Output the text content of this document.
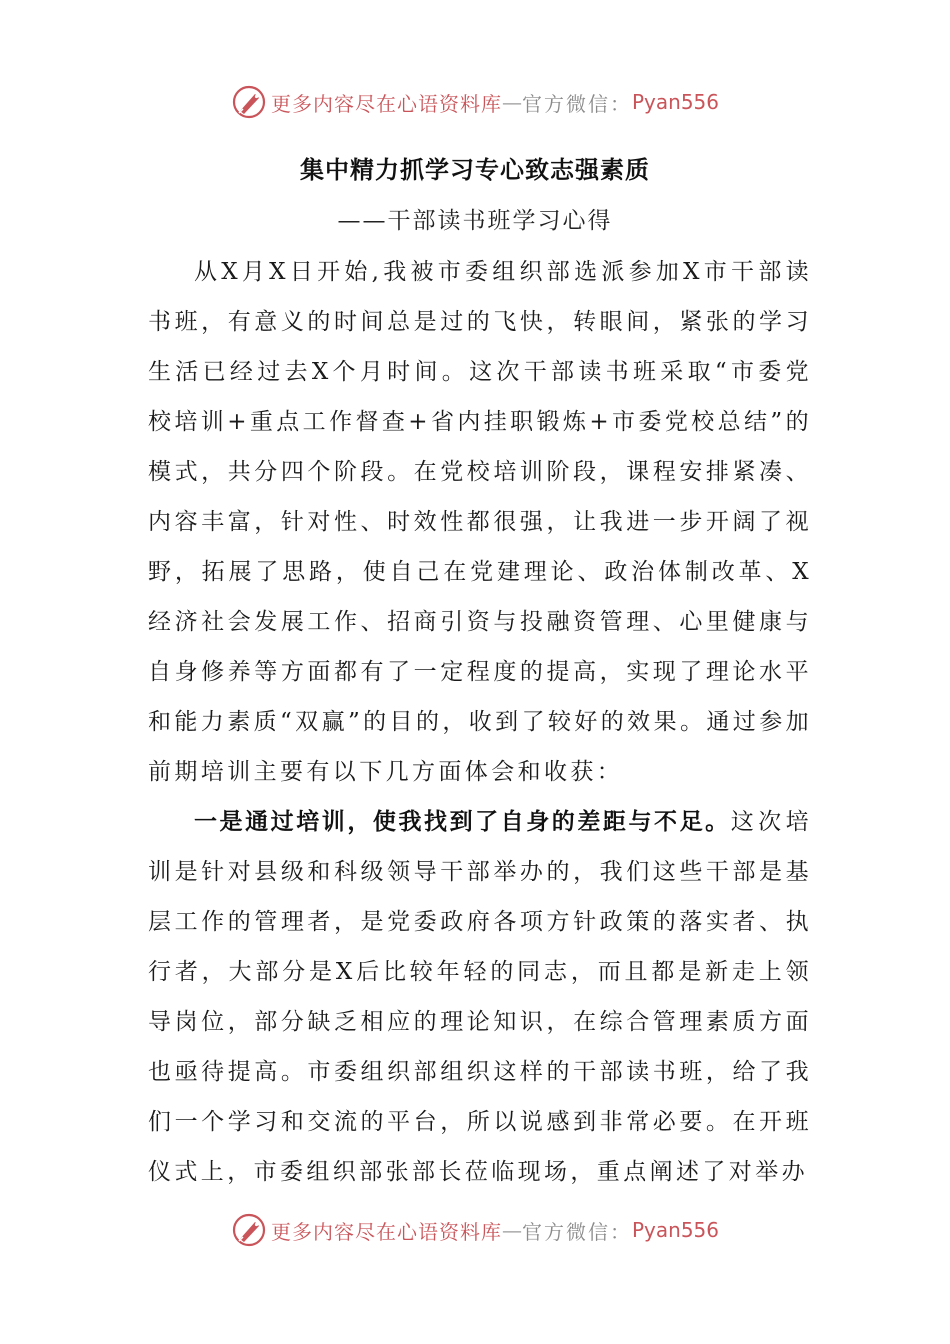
更多内容尽在心语资料库 — 官方微信： Pyan556
集中精力抓学习专心致志强素质
——干部读书班学习心得

从X月X日开始,我被市委组织部选派参加X市干部读书班，有意义的时间总是过的飞快，转眼间，紧张的学习生活已经过去X个月时间。这次干部读书班采取“市委党校培训+重点工作督查+省内挂职锻炼+市委党校总结”的模式，共分四个阶段。在党校培训阶段，课程安排紧凑、内容丰富，针对性、时效性都很强，让我进一步开阔了视野，拓展了思路，使自己在党建理论、政治体制改革、X经济社会发展工作、招商引资与投融资管理、心里健康与自身修养等方面都有了一定程度的提高，实现了理论水平和能力素质“双赢”的目的，收到了较好的效果。通过参加前期培训主要有以下几方面体会和收获：

一是通过培训，使我找到了自身的差距与不足。这次培训是针对县级和科级领导干部举办的，我们这些干部是基层工作的管理者，是党委政府各项方针政策的落实者、执行者，大部分是X后比较年轻的同志，而且都是新走上领导岗位，部分缺乏相应的理论知识，在综合管理素质方面也亟待提高。市委组织部组织这样的干部读书班，给了我们一个学习和交流的平台，所以说感到非常必要。在开班仪式上，市委组织部张部长莅临现场，重点阐述了对举办

更多内容尽在心语资料库 — 官方微信： Pyan556
